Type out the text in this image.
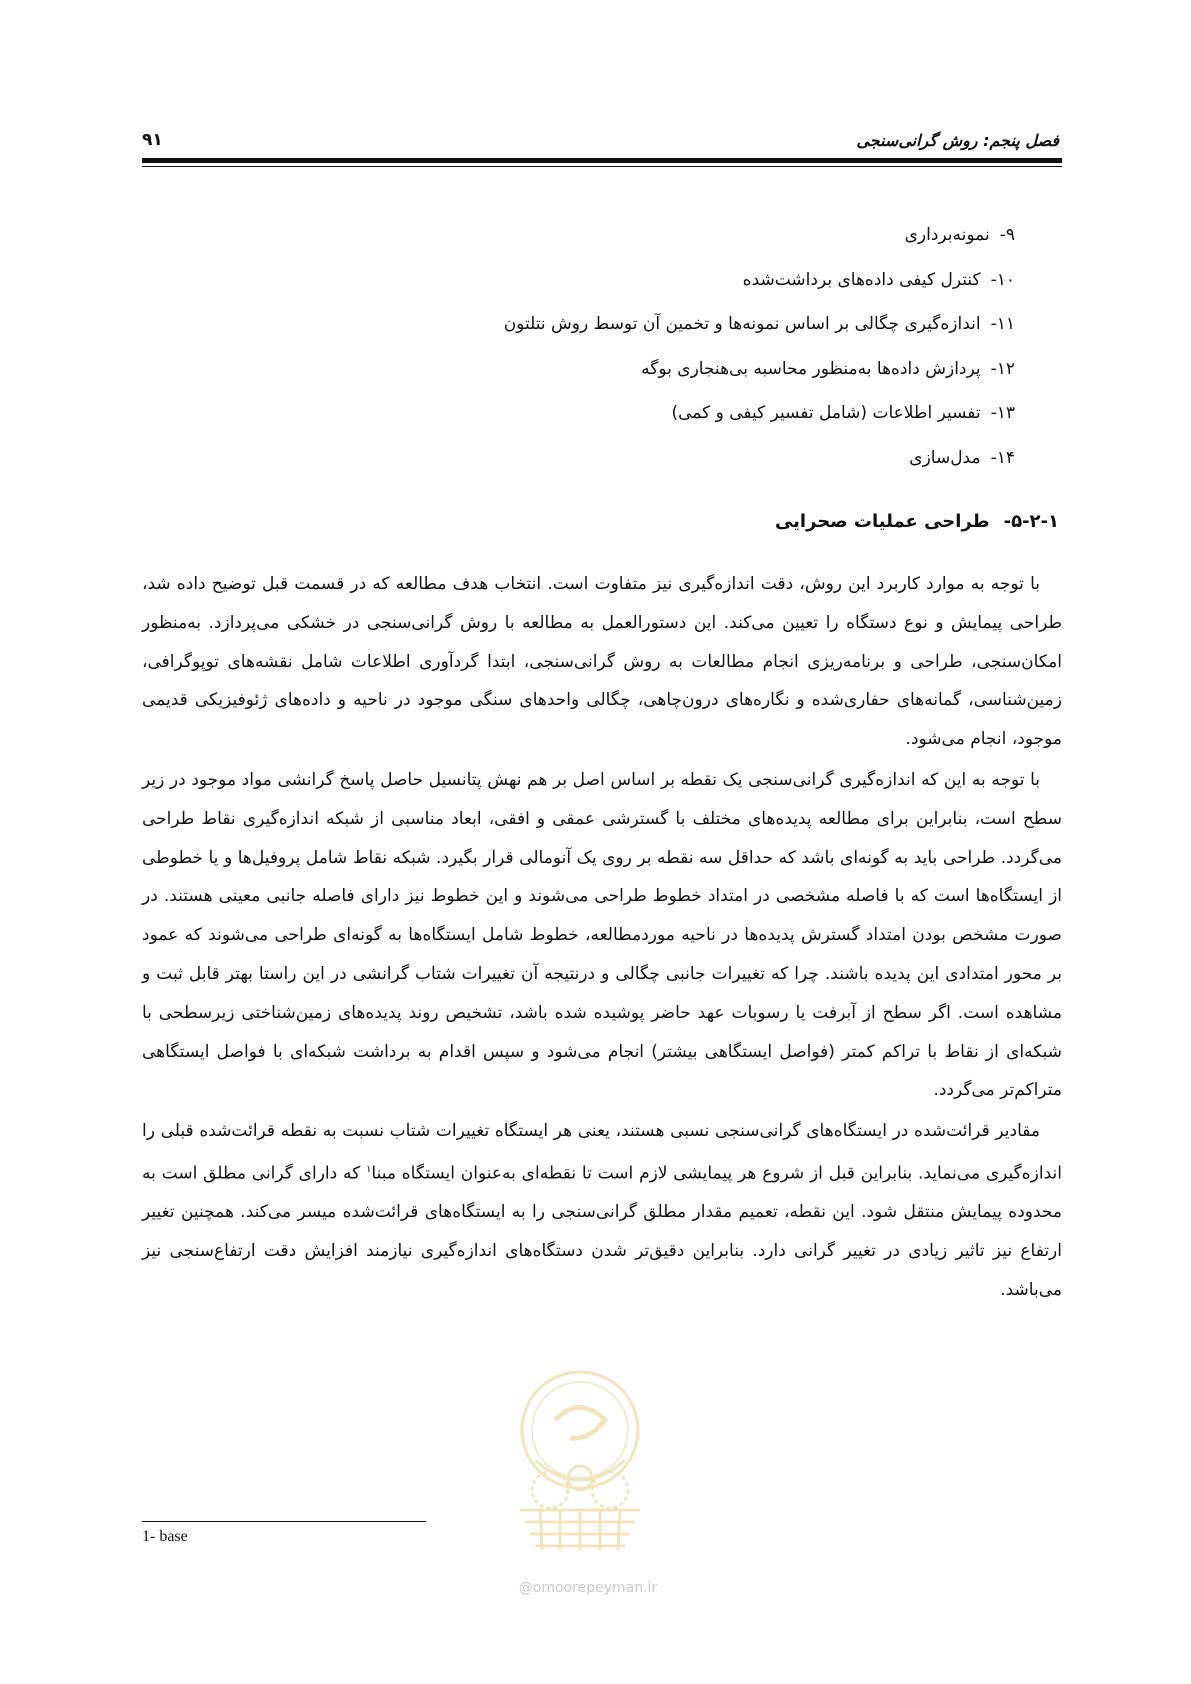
فصل پنجم: روش گرانی‌سنجی
۹۱
۹-نمونه‌برداری
۱۰-کنترل کیفی داده‌های برداشت‌شده
۱۱-اندازه‌گیری چگالی بر اساس نمونه‌ها و تخمین آن توسط روش نتلتون
۱۲-پردازش داده‌ها به‌منظور محاسبه بی‌هنجاری بوگه
۱۳-تفسیر اطلاعات (شامل تفسیر کیفی و کمی)
۱۴-مدل‌سازی
۵-۲-۱-طراحی عملیات صحرایی

با توجه به موارد کاربرد این روش، دقت اندازه‌گیری نیز متفاوت است. انتخاب هدف مطالعه که در قسمت قبل توضیح داده شد، طراحی پیمایش و نوع دستگاه را تعیین می‌کند. این دستورالعمل به مطالعه با روش گرانی‌سنجی در خشکی می‌پردازد. به‌منظور امکان‌سنجی، طراحی و برنامه‌ریزی انجام مطالعات به روش گرانی‌سنجی، ابتدا گردآوری اطلاعات شامل نقشه‌های توپوگرافی، زمین‌شناسی، گمانه‌های حفاری‌شده و نگاره‌های درون‌چاهی، چگالی واحدهای سنگی موجود در ناحیه و داده‌های ژئوفیزیکی قدیمی موجود، انجام می‌شود.

با توجه به این که اندازه‌گیری گرانی‌سنجی یک نقطه بر اساس اصل بر هم نهش پتانسیل حاصل پاسخ گرانشی مواد موجود در زیر سطح است، بنابراین برای مطالعه پدیده‌های مختلف با گسترشی عمقی و افقی، ابعاد مناسبی از شبکه اندازه‌گیری نقاط طراحی می‌گردد. طراحی باید به گونه‌ای باشد که حداقل سه نقطه بر روی یک آنومالی قرار بگیرد. شبکه نقاط شامل پروفیل‌ها و یا خطوطی از ایستگاه‌ها است که با فاصله مشخصی در امتداد خطوط طراحی می‌شوند و این خطوط نیز دارای فاصله جانبی معینی هستند. در صورت مشخص بودن امتداد گسترش پدیده‌ها در ناحیه موردمطالعه، خطوط شامل ایستگاه‌ها به گونه‌ای طراحی می‌شوند که عمود بر محور امتدادی این پدیده باشند. چرا که تغییرات جانبی چگالی و درنتیجه آن تغییرات شتاب گرانشی در این راستا بهتر قابل ثبت و مشاهده است. اگر سطح از آبرفت یا رسوبات عهد حاضر پوشیده شده باشد، تشخیص روند پدیده‌های زمین‌شناختی زیرسطحی با شبکه‌ای از نقاط با تراکم کمتر (فواصل ایستگاهی بیشتر) انجام می‌شود و سپس اقدام به برداشت شبکه‌ای با فواصل ایستگاهی متراکم‌تر می‌گردد.

مقادیر قرائت‌شده در ایستگاه‌های گرانی‌سنجی نسبی هستند، یعنی هر ایستگاه تغییرات شتاب نسبت به نقطه قرائت‌شده قبلی را اندازه‌گیری می‌نماید. بنابراین قبل از شروع هر پیمایشی لازم است تا نقطه‌ای به‌عنوان ایستگاه مبنا$^۱$ که دارای گرانی مطلق است به محدوده پیمایش منتقل شود. این نقطه، تعمیم مقدار مطلق گرانی‌سنجی را به ایستگاه‌های قرائت‌شده میسر می‌کند. همچنین تغییر ارتفاع نیز تاثیر زیادی در تغییر گرانی دارد. بنابراین دقیق‌تر شدن دستگاه‌های اندازه‌گیری نیازمند افزایش دقت ارتفاع‌سنجی نیز می‌باشد.

@omoorepeyman.ir
1- base
